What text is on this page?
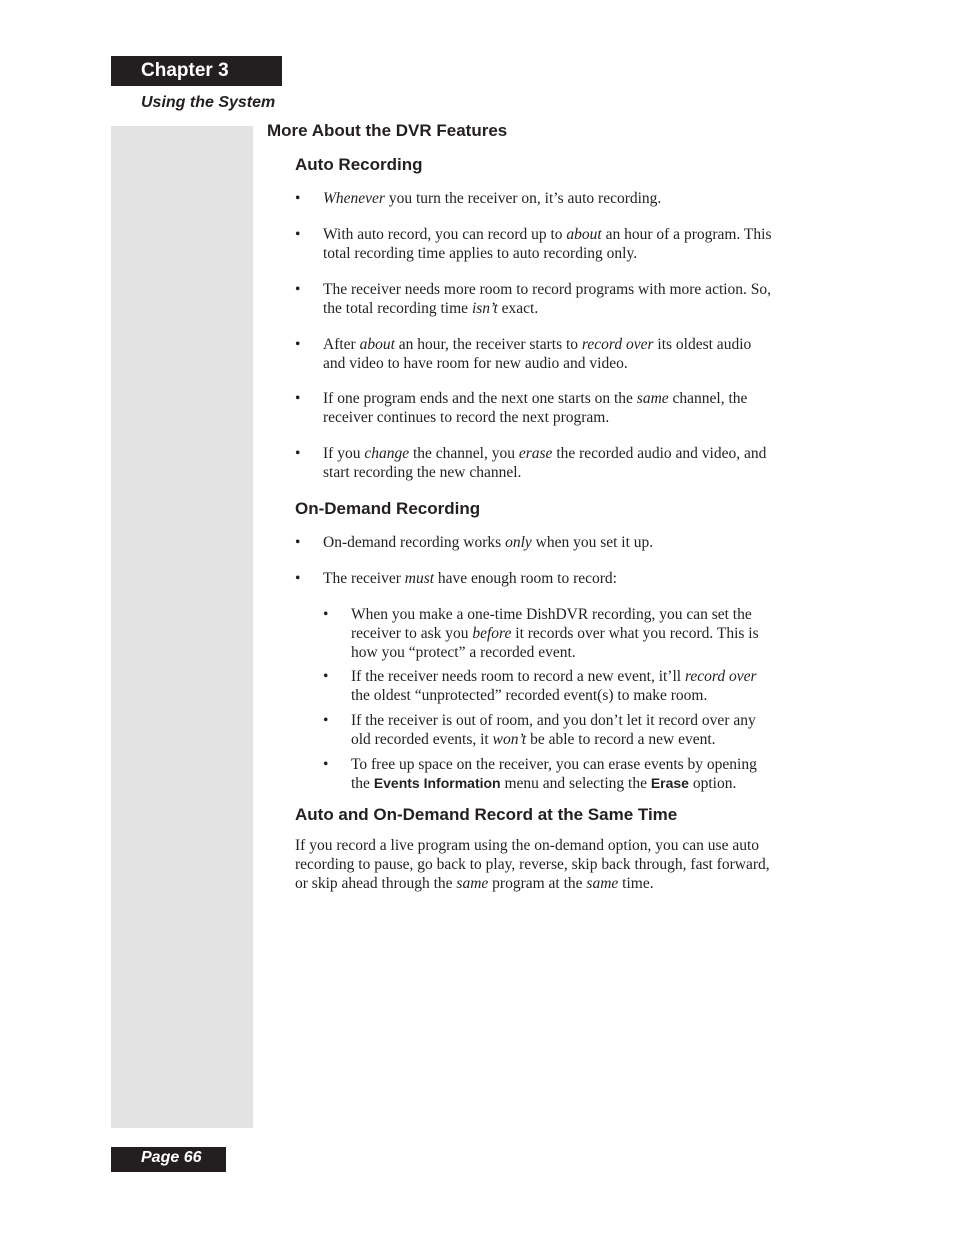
Chapter 3
Using the System
More About the DVR Features
Auto Recording
• Whenever you turn the receiver on, it’s auto recording.
• With auto record, you can record up to about an hour of a program. This
total recording time applies to auto recording only.
• The receiver needs more room to record programs with more action. So,
the total recording time isn’t exact.
• After about an hour, the receiver starts to record over its oldest audio
and video to have room for new audio and video.
• If one program ends and the next one starts on the same channel, the
receiver continues to record the next program.
• If you change the channel, you erase the recorded audio and video, and
start recording the new channel.
On-Demand Recording
• On-demand recording works only when you set it up.
• The receiver must have enough room to record:
• When you make a one-time DishDVR recording, you can set the
receiver to ask you before it records over what you record. This is
how you “protect” a recorded event.
• If the receiver needs room to record a new event, it’ll record over
the oldest “unprotected” recorded event(s) to make room.
• If the receiver is out of room, and you don’t let it record over any
old recorded events, it won’t be able to record a new event.
• To free up space on the receiver, you can erase events by opening
the Events Information menu and selecting the Erase option.
Auto and On-Demand Record at the Same Time
If you record a live program using the on-demand option, you can use auto
recording to pause, go back to play, reverse, skip back through, fast forward,
or skip ahead through the same program at the same time.
Page 66
